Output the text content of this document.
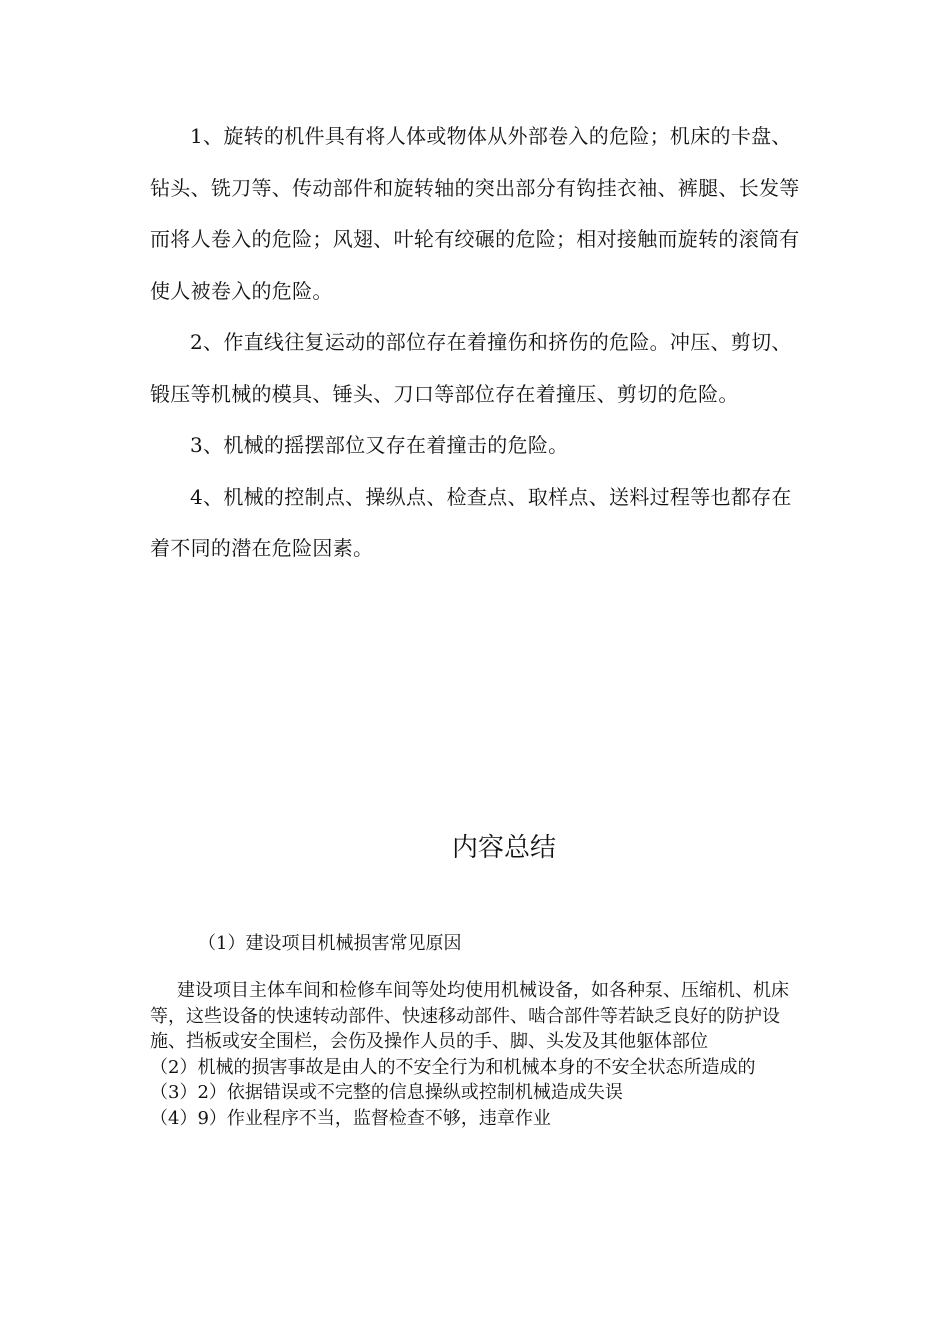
1、旋转的机件具有将人体或物体从外部卷入的危险；机床的卡盘、钻头、铣刀等、传动部件和旋转轴的突出部分有钩挂衣袖、裤腿、长发等而将人卷入的危险；风翅、叶轮有绞碾的危险；相对接触而旋转的滚筒有使人被卷入的危险。

2、作直线往复运动的部位存在着撞伤和挤伤的危险。冲压、剪切、锻压等机械的模具、锤头、刀口等部位存在着撞压、剪切的危险。

3、机械的摇摆部位又存在着撞击的危险。

4、机械的控制点、操纵点、检查点、取样点、送料过程等也都存在着不同的潜在危险因素。

内容总结
（1）建设项目机械损害常见原因

建设项目主体车间和检修车间等处均使用机械设备，如各种泵、压缩机、机床等，这些设备的快速转动部件、快速移动部件、啮合部件等若缺乏良好的防护设施、挡板或安全围栏，会伤及操作人员的手、脚、头发及其他躯体部位

（2）机械的损害事故是由人的不安全行为和机械本身的不安全状态所造成的

（3）2）依据错误或不完整的信息操纵或控制机械造成失误

（4）9）作业程序不当，监督检查不够，违章作业
